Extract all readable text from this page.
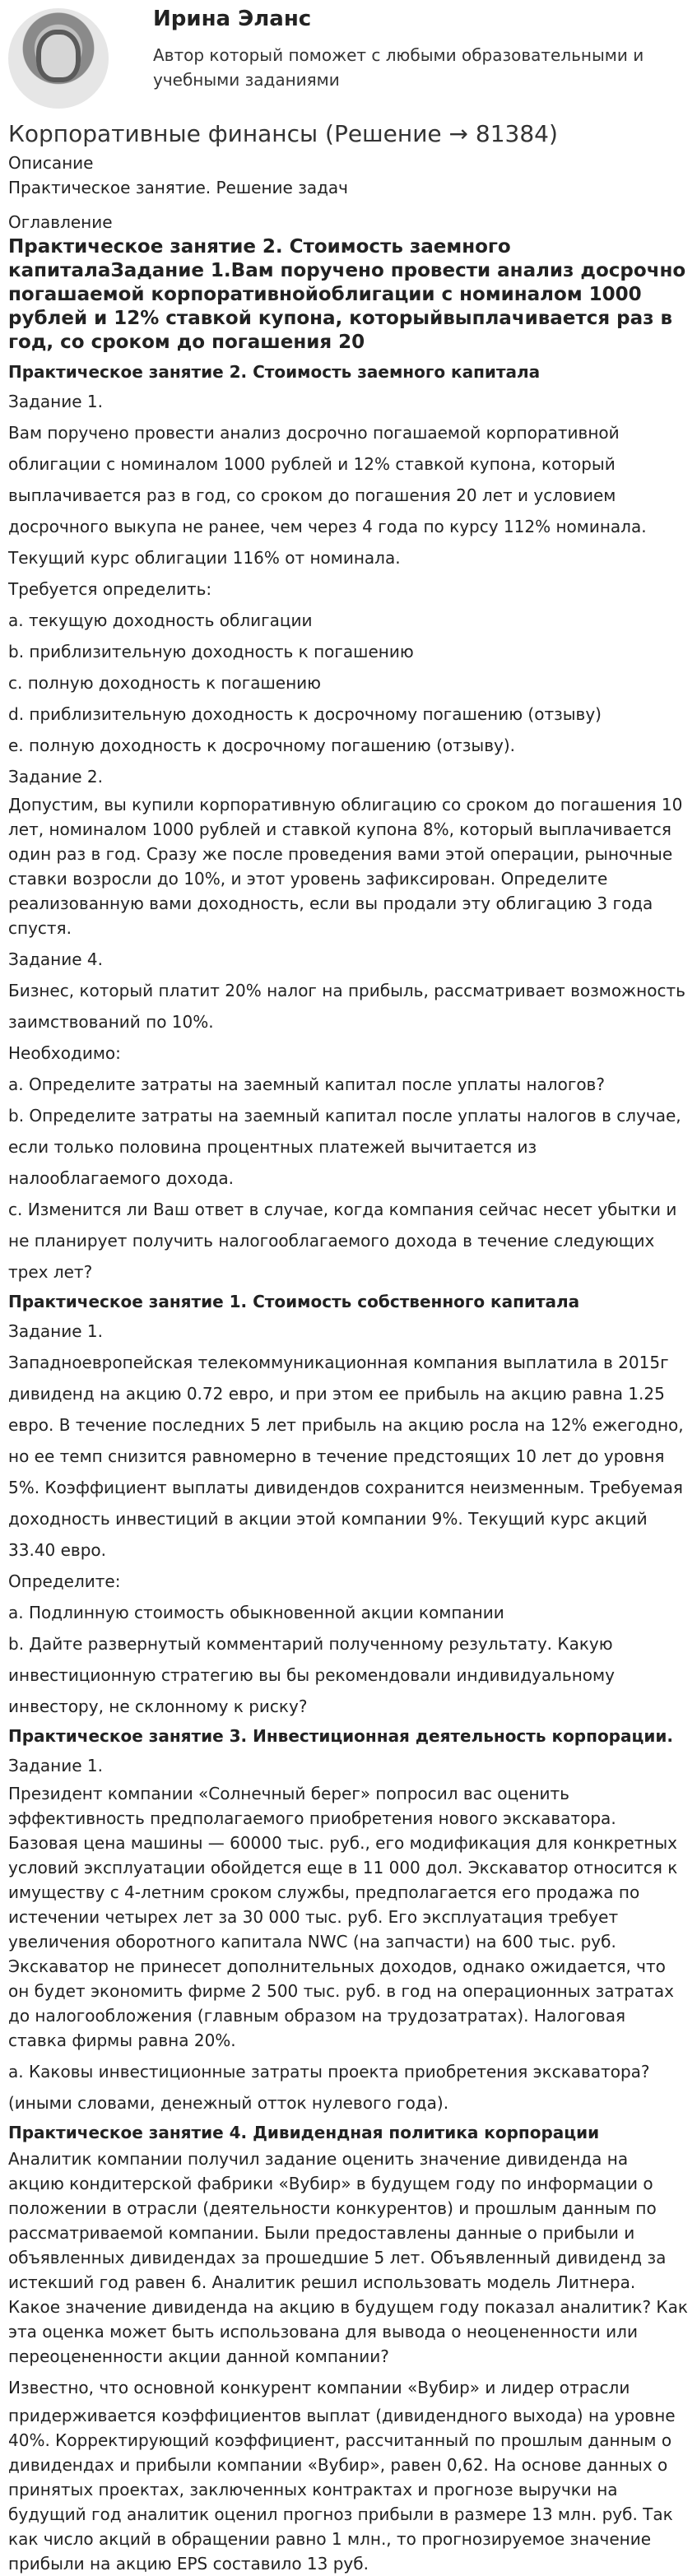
Ирина Эланс
Автор который поможет с любыми образовательными и учебными заданиями
Корпоративные финансы (Решение → 81384)
Описание
Практическое занятие. Решение задач
Оглавление
Практическое занятие 2. Стоимость заемного капиталаЗадание 1.Вам поручено провести анализ досрочно погашаемой корпоративнойоблигации с номиналом 1000 рублей и 12% ставкой купона, которыйвыплачивается раз в год, со сроком до погашения 20
Практическое занятие 2. Стоимость заемного капитала
Задание 1.
Вам поручено провести анализ досрочно погашаемой корпоративной облигации с номиналом 1000 рублей и 12% ставкой купона, который выплачивается раз в год, со сроком до погашения 20 лет и условием досрочного выкупа не ранее, чем через 4 года по курсу 112% номинала.
Текущий курс облигации 116% от номинала.
Требуется определить:
a. текущую доходность облигации
b. приблизительную доходность к погашению
c. полную доходность к погашению
d. приблизительную доходность к досрочному погашению (отзыву)
e. полную доходность к досрочному погашению (отзыву).
Задание 2.
Допустим, вы купили корпоративную облигацию со сроком до погашения 10 лет, номиналом 1000 рублей и ставкой купона 8%, который выплачивается один раз в год. Сразу же после проведения вами этой операции, рыночные ставки возросли до 10%, и этот уровень зафиксирован. Определите реализованную вами доходность, если вы продали эту облигацию 3 года спустя.
Задание 4.
Бизнес, который платит 20% налог на прибыль, рассматривает возможность заимствований по 10%.
Необходимо:
a. Определите затраты на заемный капитал после уплаты налогов?
b. Определите затраты на заемный капитал после уплаты налогов в случае, если только половина процентных платежей вычитается из налооблагаемого дохода.
c. Изменится ли Ваш ответ в случае, когда компания сейчас несет убытки и не планирует получить налогооблагаемого дохода в течение следующих трех лет?
Практическое занятие 1. Стоимость собственного капитала
Задание 1.
Западноевропейская телекоммуникационная компания выплатила в 2015г дивиденд на акцию 0.72 евро, и при этом ее прибыль на акцию равна 1.25 евро. В течение последних 5 лет прибыль на акцию росла на 12% ежегодно, но ее темп снизится равномерно в течение предстоящих 10 лет до уровня 5%. Коэффициент выплаты дивидендов сохранится неизменным. Требуемая доходность инвестиций в акции этой компании 9%. Текущий курс акций 33.40 евро.
Определите:
a. Подлинную стоимость обыкновенной акции компании
b. Дайте развернутый комментарий полученному результату. Какую инвестиционную стратегию вы бы рекомендовали индивидуальному инвестору, не склонному к риску?
Практическое занятие 3. Инвестиционная деятельность корпорации.
Задание 1.
Президент компании «Солнечный берег» попросил вас оценить эффективность предполагаемого приобретения нового экскаватора. Базовая цена машины — 60000 тыс. руб., его модификация для конкретных условий эксплуатации обойдется еще в 11 000 дол. Экскаватор относится к имуществу с 4-летним сроком службы, предполагается его продажа по истечении четырех лет за 30 000 тыс. руб. Его эксплуатация требует увеличения оборотного капитала NWC (на запчасти) на 600 тыс. руб. Экскаватор не принесет дополнительных доходов, однако ожидается, что он будет экономить фирме 2 500 тыс. руб. в год на операционных затратах до налогообложения (главным образом на трудозатратах). Налоговая ставка фирмы равна 20%.
a. Каковы инвестиционные затраты проекта приобретения экскаватора?
(иными словами, денежный отток нулевого года).
Практическое занятие 4. Дивидендная политика корпорации
Аналитик компании получил задание оценить значение дивиденда на акцию кондитерской фабрики «Вубир» в будущем году по информации о положении в отрасли (деятельности конкурентов) и прошлым данным по рассматриваемой компании. Были предоставлены данные о прибыли и объявленных дивидендах за прошедшие 5 лет. Объявленный дивиденд за истекший год равен 6. Аналитик решил использовать модель Литнера. Какое значение дивиденда на акцию в будущем году показал аналитик? Как эта оценка может быть использована для вывода о неоцененности или переоцененности акции данной компании?
Известно, что основной конкурент компании «Вубир» и лидер отрасли
придерживается коэффициентов выплат (дивидендного выхода) на уровне 40%. Корректирующий коэффициент, рассчитанный по прошлым данным о дивидендах и прибыли компании «Вубир», равен 0,62. На основе данных о принятых проектах, заключенных контрактах и прогнозе выручки на будущий год аналитик оценил прогноз прибыли в размере 13 млн. руб. Так как число акций в обращении равно 1 млн., то прогнозируемое значение прибыли на акцию EPS составило 13 руб.
